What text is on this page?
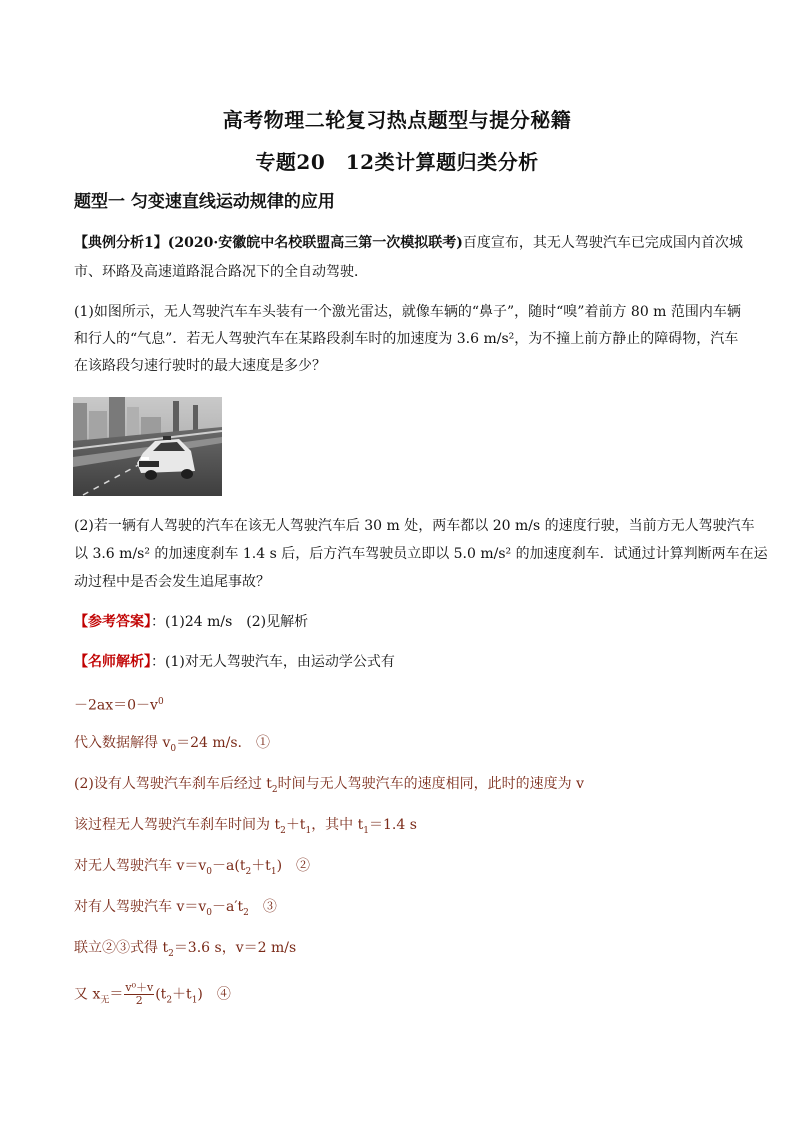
高考物理二轮复习热点题型与提分秘籍
专题20　12类计算题归类分析
题型一 匀变速直线运动规律的应用
【典例分析1】(2020·安徽皖中名校联盟高三第一次模拟联考)百度宣布，其无人驾驶汽车已完成国内首次城
市、环路及高速道路混合路况下的全自动驾驶．
(1)如图所示，无人驾驶汽车车头装有一个激光雷达，就像车辆的“鼻子”，随时“嗅”着前方 80 m 范围内车辆
和行人的“气息”．若无人驾驶汽车在某路段刹车时的加速度为 3.6 m/s²，为不撞上前方静止的障碍物，汽车
在该路段匀速行驶时的最大速度是多少？
(2)若一辆有人驾驶的汽车在该无人驾驶汽车后 30 m 处，两车都以 20 m/s 的速度行驶，当前方无人驾驶汽车
以 3.6 m/s² 的加速度刹车 1.4 s 后，后方汽车驾驶员立即以 5.0 m/s² 的加速度刹车．试通过计算判断两车在运
动过程中是否会发生追尾事故？
【参考答案】：(1)24 m/s　(2)见解析
【名师解析】：(1)对无人驾驶汽车，由运动学公式有
$-2ax=0-v^0$
代入数据解得 $v_0=24$ m/s.　①
(2)设有人驾驶汽车刹车后经过 $t_2$时间与无人驾驶汽车的速度相同，此时的速度为 v
该过程无人驾驶汽车刹车时间为 $t_2+t_1$，其中 $t_1=1.4$ s
对无人驾驶汽车 $v=v_0-a(t_2+t_1)$　②
对有人驾驶汽车 $v=v_0-a't_2$　③
联立②③式得 $t_2=3.6$ s，v＝2 m/s
又 $x_无= \frac{\text{v⁰＋v}}{2} (t_2+t_1)$　④
